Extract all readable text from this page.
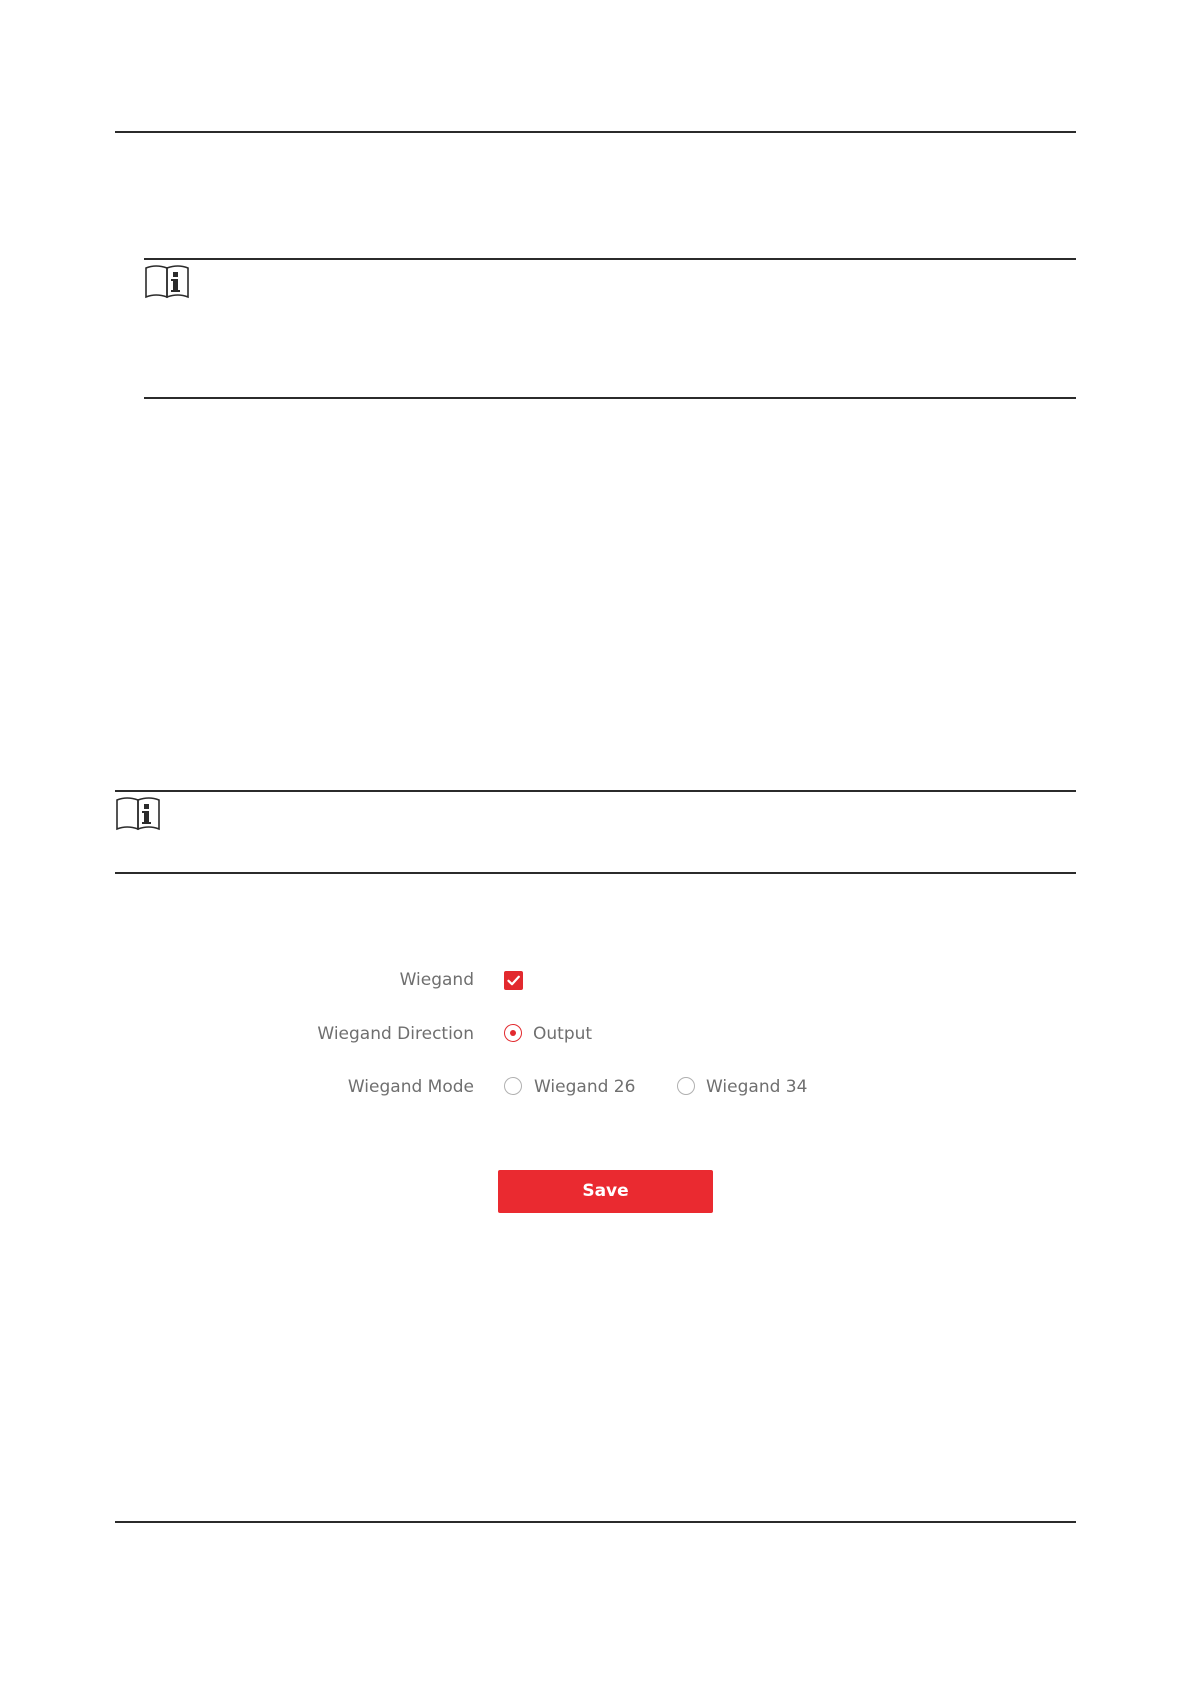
Wiegand
Wiegand Direction	Output
Wiegand Mode	Wiegand 26	Wiegand 34
Save
